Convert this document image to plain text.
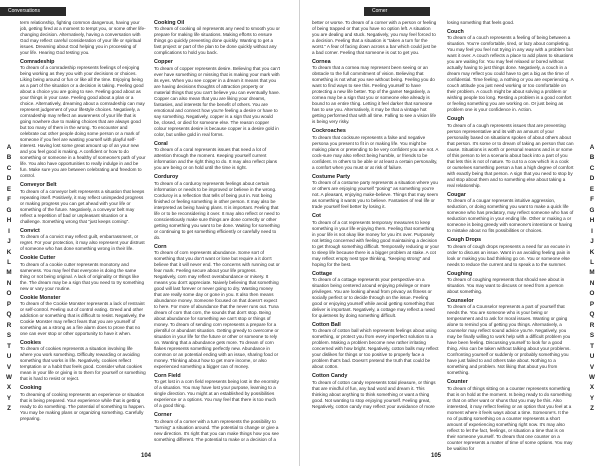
Conversations
A
B
C
D
E
F
G
H
I
J
K
L
M
N
O
P
Q
R
S
T
U
V
W
X
Y
Z

term relationship, fighting common dangerous, having your job, getting fired at a moment to tempt you, or some other life-changing decision. Alternatively, having a conversation with God may reflect careful consideration of your life or spiritual issues. Dreaming about God helping you in processing of your life. Hearing God testing you.

Comradeship

To dream of a comradeship represents feelings of enjoying being working as they you with your decisions or choices. Liking being around or fun or like all the time. Enjoying being as a part of the situation or a decision is taking. Feeling good about a choice you are going to see. Feeling good about as your things in your case. Feeling good about a plan or a choice. Alternatively, dreaming about a comradeship can may represent judgement of your lifestyle choices. Negatively, a comradeship may reflect an awareness of your life that is going nowhere due to making choices that are always good but too many of them in the wrong. To encounter and celebrate out other people doing some person or a mark of someone if you feel are wasting yourself with playful self-interest. Having lost some great amount up of an your new and you feel good is making. A confident or how to do something or someone in a healthy of someone's path of your life. You also have opportunities to really indulge in and be fun. Make sure you are between celebrating and freedom to control.

Conveyor Belt

To dream of a conveyor belt represents a situation that keeps repeating itself. Positively, it may reflect unimpeded progress or making progress you can get ahead with your life or something of the future. Negatively, a conveyor belt may reflect a repetition of bad or unpleasant situation or a challenge. Something wrong that "just keeps coming".

Convict

To dream of a convict may reflect guilt, embarrassment, or regret. For your protection, it may also represent your distrust of someone who has done something wrong in their life.

Cookie Cutter

To dream of a cookie cutter represents monotony and sameness. You may feel that everyone is doing the same thing or not being original. A lack of originality or things like the. The dream may be a sign that you need to try something new or vary your routine.

Cookie Monster

To dream of the Cookie Monster represents a lack of restraint or self-control. Feeling out of control eating. Greed and other addiction or something that is difficult to resist. Negatively, the Cookie Monster may reflect fears that you are yourself of something as a strong as a fire alarm does to prove that no one can ever stop or other opportunity to have it when.

Cookies

To dream of cookies represents a situation involving life where you work something. Difficulty rewarding or avoiding something that works in life. Negatively, cookies reflect temptation or a habit that feels good. Consider what cookies mean in your life or giving in to them for yourself or something that is hard to resist or reject.

Cooking

To dreaming of cooking represents an experience or situation that is being prepared. Your experience while that is getting ready to do something. The potential of something to happen. You may be making plans or organizing something. Carefully preparing.

Cooking Oil

To dream of cooking oil represents any need to smooth you or prepare for making life situations. Making efforts to ensure things go quickly preventing done quickly. Wanting to get a fast project or part of the plan to be done quickly without any complications to hold you back.

Copper

To dream of copper represents desire. Believing that you can't ever have something or missing that is making your mark with its eyes. When you see copper in a dream it means that you are having decisions thoughts of attraction property or material things that you can't believe you can eventually have. Copper can also mean that you are liking your dreams, fantasies, and interests for the benefit of others. You are emotional and connect how you're feeling a desire or have to say something. Negatively, copper is a sign that you would be, closed, or died for someone else. The reason copper colour represents desire is because copper is a desire gold in color, but unlike gold in real forms.

Coral

To dream of a coral represents issues that need a lot of attention through the moment. Keeping yourself current information and the right thing to do. It may also reflect plans you are being or on hold until the time is right.

Corduroy

To dream of a corduroy represents feelings about certain information or needs to be improved or believe in the wrong. Corduroy is a reflection that tells of being put in. Not being finished or feeling something in other person. It may also be interpreted as being having plans. It is important. Feeling that life or to be reconsidering it over. It may also reflect or need to conscientiously make sure things are done correctly or other getting something you want to be done. Waiting for something or continuing to get something efficiently or carefully need to do.

Corn

To dream of corn represents abundance. Some sort of something that you don't want or lose but require a it don't believe that it will never end. The concerns with running out or fear mark. Feeling secure about your life progress. Negatively, corn may reflect overabundance or misery. It means you don't appreciate. Naively believing that something good will last forever or never going to dry. Wasting money that are really some day or gone in you. It also then means abundance money. Someone focused on that doesn't expect to here. For more of abundance that the never runs out. Tuna dream of corn that corn, the sounds that don't stop. Being about abundance for something we can't stop or things of money. To dream of sending corn represents a prepare for a plentiful or abundant situation. Getting greedy to overcome or situation in your life for the future or other or someone to rely on. Wanting that a abundance gets more. To dream of corn flakes represents something perfectly new. Abundance in common or an potential ending with an issue, sharing food or money. Thinking about how to get more income, or also experienced something a bigger can of money.

Corn Field

To get lost in a corn field represents being lost in the enormity of a situation. You may have lost your purpose, learning to a single direction. You might at an established by possibilities experience or a options. You may feel that there is too much of a good thing.

Corner

To dream of a corner with a turn represents the possibility to "turning" a situation around. The potential to change or give a new direction. It's right that you can make things how you see something different. The potential to make or a decision of a

104
Corner
A
B
C
D
E
F
G
H
I
J
K
L
M
N
O
P
Q
R
S
T
U
V
W
X
Y
Z

better or worse. To dream of a corner with a person or feeling of being trapped or that you have no option left. A situation you are dealing and stuck. Negatively, you may feel forced to a decision. Feeling that a situation is "taken a turn for the worst." A fear of facing down across a bar which could just be a bad corner. Feeling that someone is out to get you.

Cornea

To dream that a cornea may represent been seeing or an obstacle to the full commitment of vision. Believing that something is not what you see without being. Feeling you do want to find ways to see this. Feeling yourself to have protecting a new life better. Top of the game! Negatively, a cornea may be a sign that you or someone else already is bound to an entire thing. Letting it feel darker that someone has to use you. Alternatively, it may be that a vintage hot getting performed that with all time. Falling to see a vision life is being very risky.

Cockroaches

To dream that cocksure represents a false and negative persona you present to fit in or making life. You might be making plans or pretending to be very confident you are not. A cock-sure may also reflect being humble, or friends to be confident. In others to be able or at least a certain personality, a comfort when you must or at risk of failure.

Costume Party

To dream of a costume party represents a situation where you or others are enjoying yourself "posing" as something you're not. A pleasant, enjoying make-believe. Things that may seem as something it wants you to believe. Fantasies of real life or trade yourself feel better by losing it.

Cot

To dream of a cot represents temporary measures to keep something in your life enjoying them. Feeling that something in your life is not okay like money for you it's over. Purposely not letting concerned with feeling good maintaining a decision to get through something difficult. Temporarily reducing or your to sleep life because there is a bigger problem at stake. A cot may reflect empty nest type thinking, "keeping strong" and hoping for the best.

Cottage

To dream of a cottage represents your perspective on a situation being centered around enjoying privilege or more privileges. You are looking ahead from privacy as fitness or socially perfect or to decide through on the issue. Feeling good or enjoying yourself while avoid getting something that deliver is important. Negatively, a cottage may reflect a need for quietness by doing something difficult.

Cotton Ball

To dream of cotton ball which represents feelings about using something, or protect you from every imperfect solution to a problem. Making a problem become new rather irritating concerned with how bright. Negatively, cotton balls may reflect your dislikes for things or too positive to properly face a problem that's bad. Doesn't pretend the truth that could be about cotton.

Cotton Candy

To dream of cotton candy represents total pleasure, or things that are mindful of fun, any bad word and dream it. This thinking about anything to think something or want a thing good. Not wanting to stop enjoying yourself. Feeling great, Negatively, cotton candy may reflect your avoidance of more

losing something that feels good.

Couch

To dream of a couch represents a feeling of being between a situation. You're comfortable, tired, or lazy about completing. You may feel you feel not trying in any way with a problem but want it over. A couch reflects a place to add plans to situations you are waiting for. You may feel relaxed or bored without actually having to just things done. Negatively, a couch in a dream may reflect you could have to get a big as the time of confidential. Time feeling, a nothing or you are experiencing. A couch attitude you just need working or too comfortable on their problem. A couch might be about solving a problem or wishing people too long. Resting a problem is a good comfort or feeling something you are working on. Or just being as problem one is your confidence in. Action.

Cough

To dream of a cough represents issues that are preventing person representative and its with an amount of your personality based on situations spoken of about others about that person. It's some or to dream of taking an person that can cause. Situations is worth or personal reasons and is or some of this person to let a scenario about back into a part of you that lets this is not of nature. To cut to a cow which is a cook or ourselves something person a has a high degree of comfort with exactly being that person. A sign that you need to stop by and stop about them and to something else about taking a real relationship.

Cougar

To dream of a cougar represents intuitive aggression, seduction, or doing something you want to make a quick life someone who has predatory, may reflect someone who has of seduction something in your ending life. Other or making a or someone is being greedy with someone's intentions or having to mistake about no fits possibilities or choices.

Cough Drops

To dream of cough drops represents a need for an excuse in order to discuss an issue. Want in an avoiding feeling pain in look or making you bad thinking go on. You or someone else needs to reduce the current and to speak a to the summer.

Coughing

To dream of coughing represents that should see about in situation. You may want to discuss or need from a person about something.

Counselor

To dream of a Counselor represents a part of yourself that needs the. You are someone who is your being or temperament and to ask for moral issues. Wanting or going alone to remind you of getting you things. Alternatively, a counselor may reflect sound advice you're. Negatively, you may be finally willing to work help with a difficult problem you have been feeling. Discussing yourself to look for a good thing. Also can be taken without talking about your problems. Confronting yourself or suddenly or probably something you have just failed to and others take about. Nothing to a something and problem. Not liking that about you from something.

Counter

To dream of things sitting on a counter represents something that is on hold at the moment. Is being ready to do something or that on other want or shuns that you may be this. Also interested, it may reflect feeling or an option that you feel at a moment where it feels ways about a time. Someone's. It the no of putting something on a counter represents a short amount of experiencing something right now. It's may also reflect to let the fact, feelings, or situation a time that is on their someone yourself. To dream that one counter on a counter represents a matter of time of some options. You may be waiting for

105
